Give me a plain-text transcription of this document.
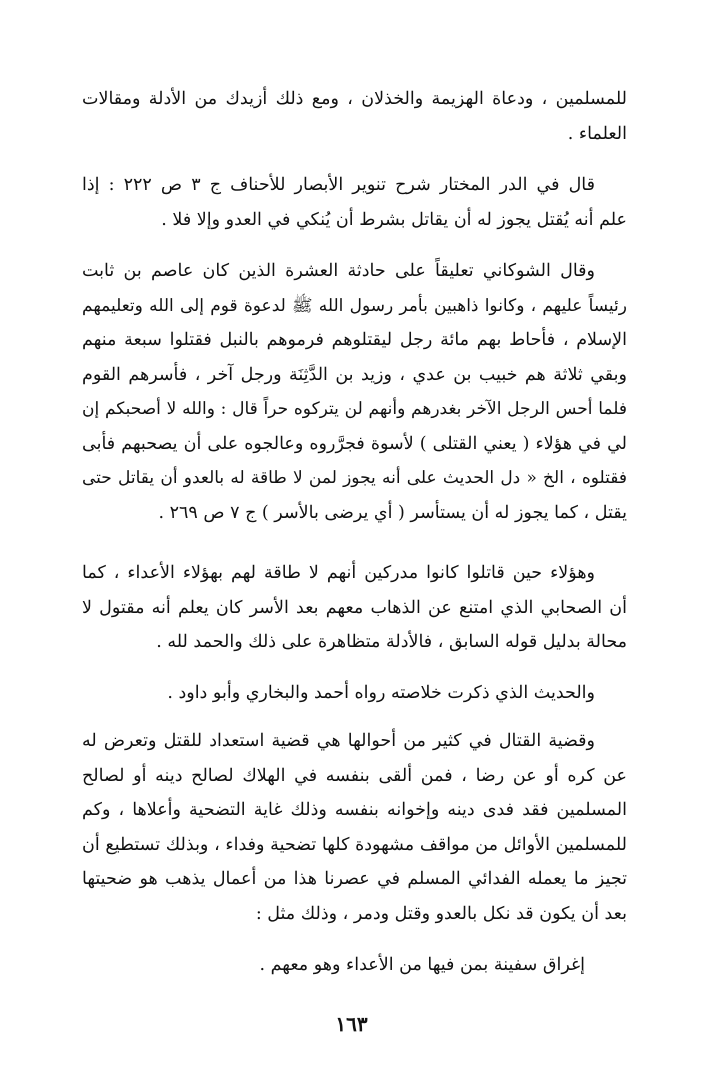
للمسلمين ، ودعاة الهزيمة والخذلان ، ومع ذلك أزيدك من الأدلة ومقالات
العلماء .
قال في الدر المختار شرح تنوير الأبصار للأحناف ج ٣ ص ٢٢٢ : إذا
علم أنه يُقتل يجوز له أن يقاتل بشرط أن يُنكي في العدو وإلا فلا .
وقال الشوكاني تعليقاً على حادثة العشرة الذين كان عاصم بن ثابت
رئيساً عليهم ، وكانوا ذاهبين بأمر رسول الله ﷺ لدعوة قوم إلى الله وتعليمهم
الإسلام ، فأحاط بهم مائة رجل ليقتلوهم فرموهم بالنبل فقتلوا سبعة منهم
وبقي ثلاثة هم خبيب بن عدي ، وزيد بن الدَّثِنَة ورجل آخر ، فأسرهم القوم
فلما أحس الرجل الآخر بغدرهم وأنهم لن يتركوه حراً قال : والله لا أصحبكم إن
لي في هؤلاء ( يعني القتلى ) لأسوة فجرَّروه وعالجوه على أن يصحبهم فأبى
فقتلوه ، الخ « دل الحديث على أنه يجوز لمن لا طاقة له بالعدو أن يقاتل حتى
يقتل ، كما يجوز له أن يستأسر ( أي يرضى بالأسر ) ج ٧ ص ٢٦٩ .
وهؤلاء حين قاتلوا كانوا مدركين أنهم لا طاقة لهم بهؤلاء الأعداء ، كما
أن الصحابي الذي امتنع عن الذهاب معهم بعد الأسر كان يعلم أنه مقتول لا
محالة بدليل قوله السابق ، فالأدلة متظاهرة على ذلك والحمد لله .
والحديث الذي ذكرت خلاصته رواه أحمد والبخاري وأبو داود .
وقضية القتال في كثير من أحوالها هي قضية استعداد للقتل وتعرض له
عن كره أو عن رضا ، فمن ألقى بنفسه في الهلاك لصالح دينه أو لصالح
المسلمين فقد فدى دينه وإخوانه بنفسه وذلك غاية التضحية وأعلاها ، وكم
للمسلمين الأوائل من مواقف مشهودة كلها تضحية وفداء ، وبذلك تستطيع أن
تجيز ما يعمله الفدائي المسلم في عصرنا هذا من أعمال يذهب هو ضحيتها
بعد أن يكون قد نكل بالعدو وقتل ودمر ، وذلك مثل :
إغراق سفينة بمن فيها من الأعداء وهو معهم .
١٦٣
